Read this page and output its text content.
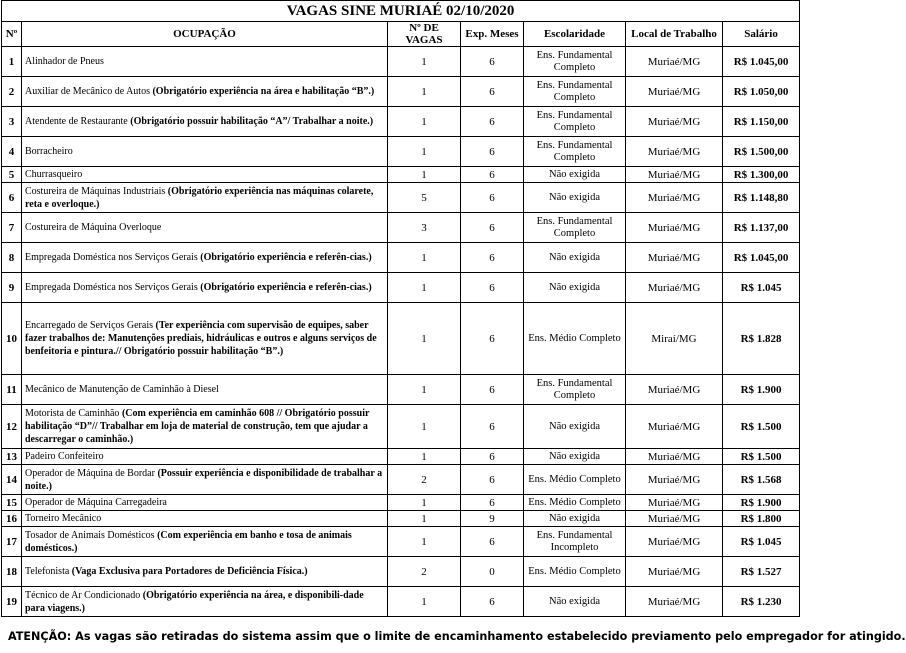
VAGAS SINE MURIAÉ 02/10/2020						
Nº	OCUPAÇÃO	Nº DE VAGAS	Exp. Meses	Escolaridade	Local de Trabalho	Salário
1	Alinhador de Pneus	1	6	Ens. Fundamental Completo	Muriaé/MG	R$ 1.045,00
2	Auxiliar de Mecânico de Autos (Obrigatório experiência na área e habilitação “B”.)	1	6	Ens. Fundamental Completo	Muriaé/MG	R$ 1.050,00
3	Atendente de Restaurante (Obrigatório possuir habilitação “A”/ Trabalhar a noite.)	1	6	Ens. Fundamental Completo	Muriaé/MG	R$ 1.150,00
4	Borracheiro	1	6	Ens. Fundamental Completo	Muriaé/MG	R$ 1.500,00
5	Churrasqueiro	1	6	Não exigida	Muriaé/MG	R$ 1.300,00
6	Costureira de Máquinas Industriais (Obrigatório experiência nas máquinas colarete, reta e overloque.)	5	6	Não exigida	Muriaé/MG	R$ 1.148,80
7	Costureira de Máquina Overloque	3	6	Ens. Fundamental Completo	Muriaé/MG	R$ 1.137,00
8	Empregada Doméstica nos Serviços Gerais (Obrigatório experiência e referên-cias.)	1	6	Não exigida	Muriaé/MG	R$ 1.045,00
9	Empregada Doméstica nos Serviços Gerais (Obrigatório experiência e referên-cias.)	1	6	Não exigida	Muriaé/MG	R$ 1.045
10	Encarregado de Serviços Gerais (Ter experiência com supervisão de equipes, saber fazer trabalhos de: Manutenções prediais, hidráulicas e outros e alguns serviços de benfeitoria e pintura.// Obrigatório possuir habilitação “B”.)	1	6	Ens. Médio Completo	Miraí/MG	R$ 1.828
11	Mecânico de Manutenção de Caminhão à Diesel	1	6	Ens. Fundamental Completo	Muriaé/MG	R$ 1.900
12	Motorista de Caminhão (Com experiência em caminhão 608 // Obrigatório possuir habilitação “D”// Trabalhar em loja de material de construção, tem que ajudar a descarregar o caminhão.)	1	6	Não exigida	Muriaé/MG	R$ 1.500
13	Padeiro Confeiteiro	1	6	Não exigida	Muriaé/MG	R$ 1.500
14	Operador de Máquina de Bordar (Possuir experiência e disponibilidade de trabalhar a noite.)	2	6	Ens. Médio Completo	Muriaé/MG	R$ 1.568
15	Operador de Máquina Carregadeira	1	6	Ens. Médio Completo	Muriaé/MG	R$ 1.900
16	Torneiro Mecânico	1	9	Não exigida	Muriaé/MG	R$ 1.800
17	Tosador de Animais Domésticos (Com experiência em banho e tosa de animais domésticos.)	1	6	Ens. Fundamental Incompleto	Muriaé/MG	R$ 1.045
18	Telefonista (Vaga Exclusiva para Portadores de Deficiência Física.)	2	0	Ens. Médio Completo	Muriaé/MG	R$ 1.527
19	Técnico de Ar Condicionado (Obrigatório experiência na área, e disponibili-dade para viagens.)	1	6	Não exigida	Muriaé/MG	R$ 1.230
ATENÇÃO: As vagas são retiradas do sistema assim que o limite de encaminhamento estabelecido previamento pelo empregador for atingido.
